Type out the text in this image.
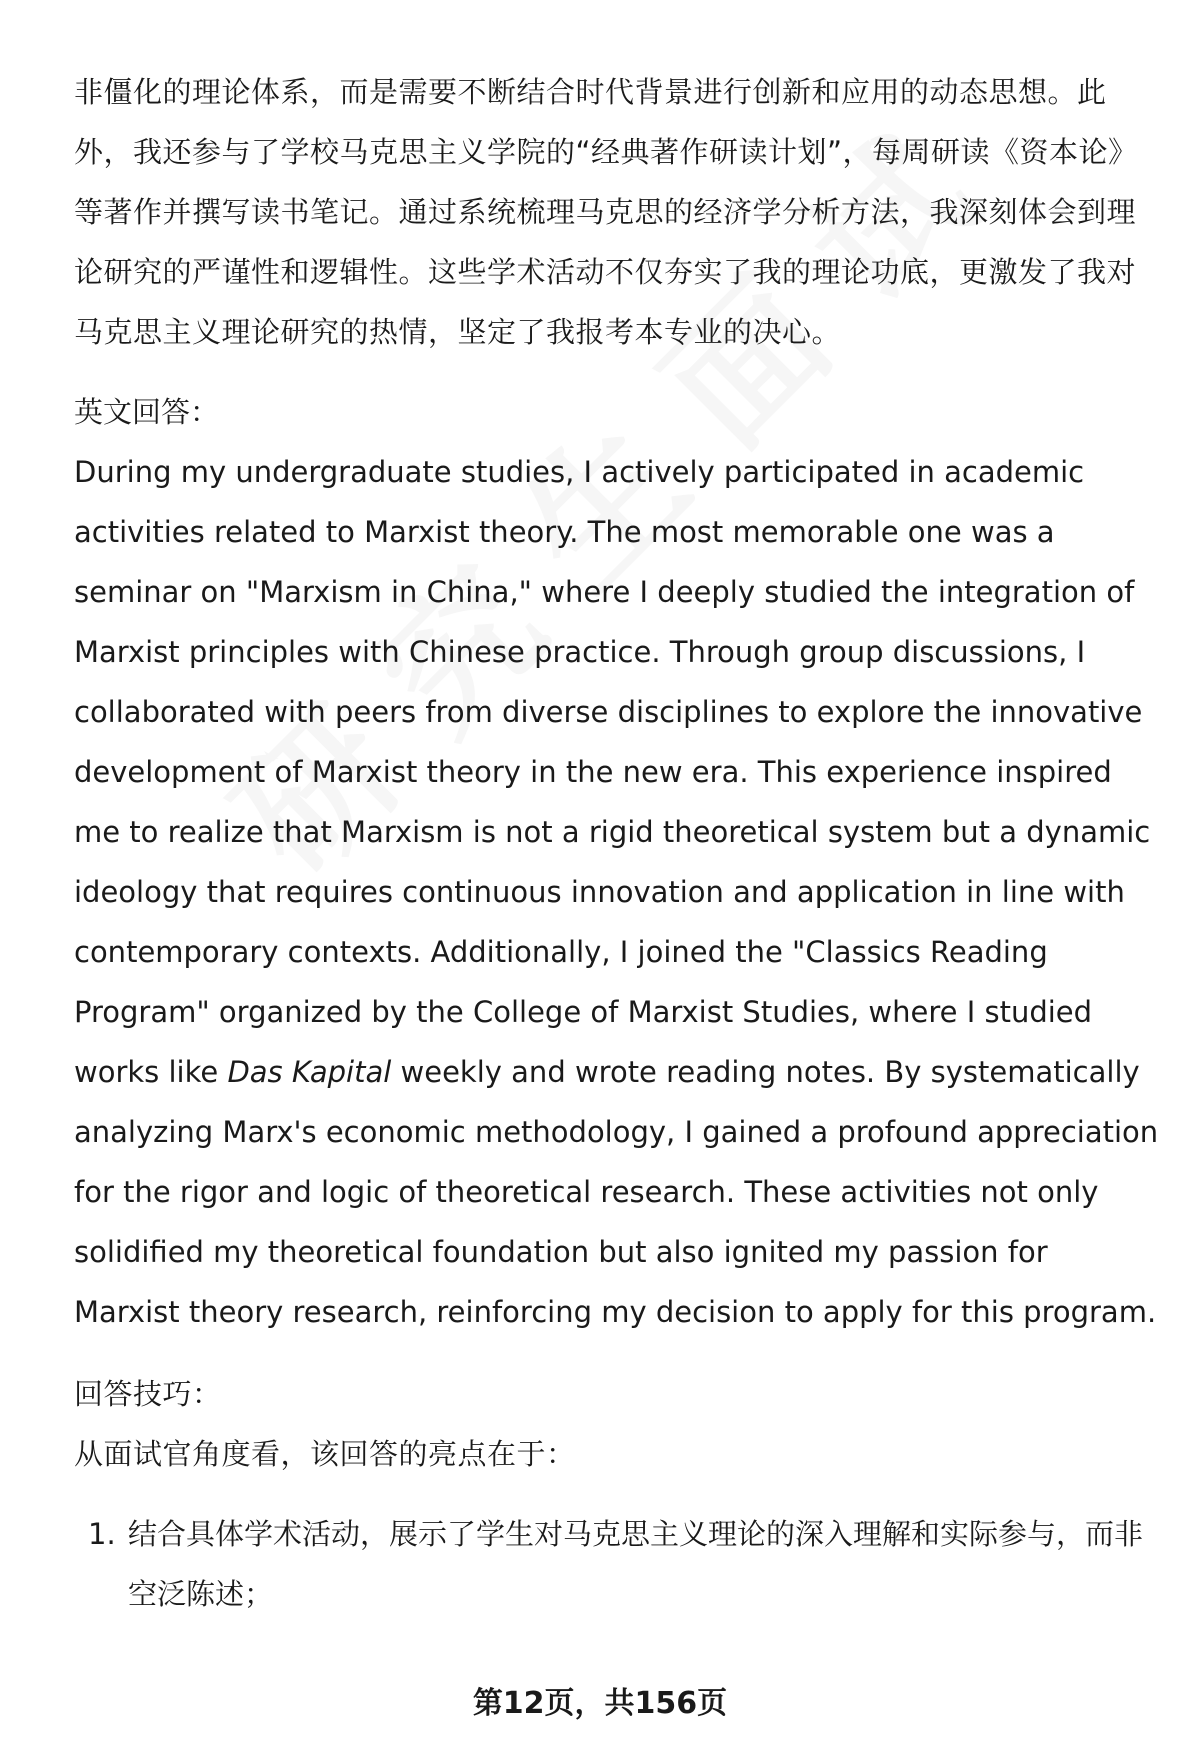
非僵化的理论体系，而是需要不断结合时代背景进行创新和应用的动态思想。此外，我还参与了学校马克思主义学院的“经典著作研读计划”，每周研读《资本论》等著作并撰写读书笔记。通过系统梳理马克思的经济学分析方法，我深刻体会到理论研究的严谨性和逻辑性。这些学术活动不仅夯实了我的理论功底，更激发了我对马克思主义理论研究的热情，坚定了我报考本专业的决心。

英文回答：

During my undergraduate studies, I actively participated in academic activities related to Marxist theory. The most memorable one was a seminar on "Marxism in China," where I deeply studied the integration of Marxist principles with Chinese practice. Through group discussions, I collaborated with peers from diverse disciplines to explore the innovative development of Marxist theory in the new era. This experience inspired me to realize that Marxism is not a rigid theoretical system but a dynamic ideology that requires continuous innovation and application in line with contemporary contexts. Additionally, I joined the "Classics Reading Program" organized by the College of Marxist Studies, where I studied works like Das Kapital weekly and wrote reading notes. By systematically analyzing Marx's economic methodology, I gained a profound appreciation for the rigor and logic of theoretical research. These activities not only solidified my theoretical foundation but also ignited my passion for Marxist theory research, reinforcing my decision to apply for this program.

回答技巧：

从面试官角度看，该回答的亮点在于：

1. 结合具体学术活动，展示了学生对马克思主义理论的深入理解和实际参与，而非空泛陈述；
第12页，共156页
